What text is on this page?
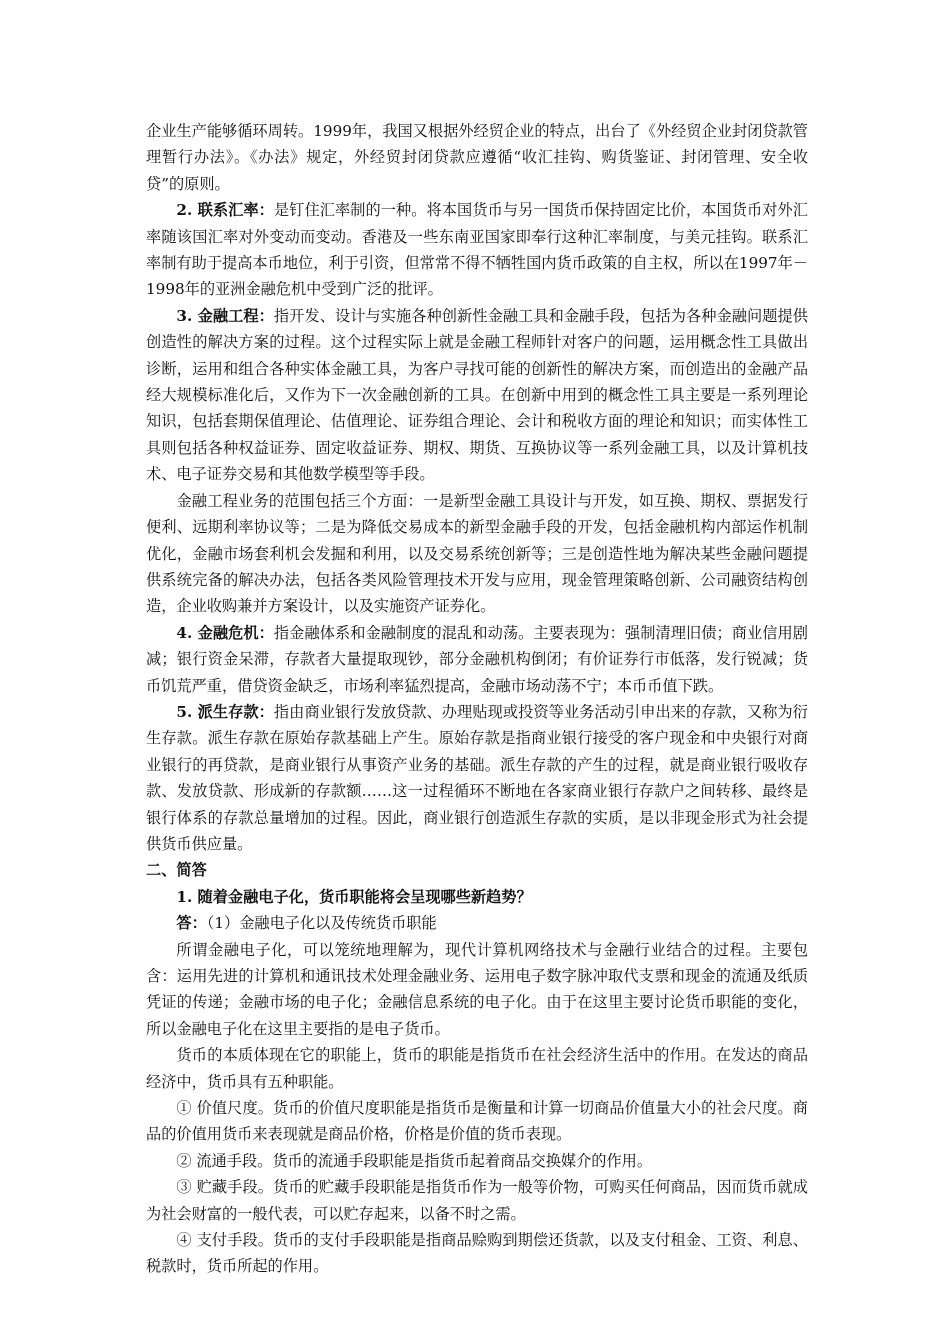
企业生产能够循环周转。1999年，我国又根据外经贸企业的特点，出台了《外经贸企业封闭贷款管理暂行办法》。《办法》规定，外经贸封闭贷款应遵循“收汇挂钩、购货鉴证、封闭管理、安全收贷”的原则。

2. 联系汇率：是钉住汇率制的一种。将本国货币与另一国货币保持固定比价，本国货币对外汇率随该国汇率对外变动而变动。香港及一些东南亚国家即奉行这种汇率制度，与美元挂钩。联系汇率制有助于提高本币地位，利于引资，但常常不得不牺牲国内货币政策的自主权，所以在1997年－1998年的亚洲金融危机中受到广泛的批评。

3. 金融工程：指开发、设计与实施各种创新性金融工具和金融手段，包括为各种金融问题提供创造性的解决方案的过程。这个过程实际上就是金融工程师针对客户的问题，运用概念性工具做出诊断，运用和组合各种实体金融工具，为客户寻找可能的创新性的解决方案，而创造出的金融产品经大规模标准化后，又作为下一次金融创新的工具。在创新中用到的概念性工具主要是一系列理论知识，包括套期保值理论、估值理论、证券组合理论、会计和税收方面的理论和知识；而实体性工具则包括各种权益证券、固定收益证券、期权、期货、互换协议等一系列金融工具，以及计算机技术、电子证券交易和其他数学模型等手段。

金融工程业务的范围包括三个方面：一是新型金融工具设计与开发，如互换、期权、票据发行便利、远期利率协议等；二是为降低交易成本的新型金融手段的开发，包括金融机构内部运作机制优化，金融市场套利机会发掘和利用，以及交易系统创新等；三是创造性地为解决某些金融问题提供系统完备的解决办法，包括各类风险管理技术开发与应用，现金管理策略创新、公司融资结构创造，企业收购兼并方案设计，以及实施资产证券化。

4. 金融危机：指金融体系和金融制度的混乱和动荡。主要表现为：强制清理旧债；商业信用剧减；银行资金呆滞，存款者大量提取现钞，部分金融机构倒闭；有价证券行市低落，发行锐减；货币饥荒严重，借贷资金缺乏，市场利率猛烈提高，金融市场动荡不宁；本币币值下跌。

5. 派生存款：指由商业银行发放贷款、办理贴现或投资等业务活动引申出来的存款，又称为衍生存款。派生存款在原始存款基础上产生。原始存款是指商业银行接受的客户现金和中央银行对商业银行的再贷款，是商业银行从事资产业务的基础。派生存款的产生的过程，就是商业银行吸收存款、发放贷款、形成新的存款额……这一过程循环不断地在各家商业银行存款户之间转移、最终是银行体系的存款总量增加的过程。因此，商业银行创造派生存款的实质，是以非现金形式为社会提供货币供应量。

二、简答

1. 随着金融电子化，货币职能将会呈现哪些新趋势？

答：（1）金融电子化以及传统货币职能

所谓金融电子化，可以笼统地理解为，现代计算机网络技术与金融行业结合的过程。主要包含：运用先进的计算机和通讯技术处理金融业务、运用电子数字脉冲取代支票和现金的流通及纸质凭证的传递；金融市场的电子化；金融信息系统的电子化。由于在这里主要讨论货币职能的变化，所以金融电子化在这里主要指的是电子货币。

货币的本质体现在它的职能上，货币的职能是指货币在社会经济生活中的作用。在发达的商品经济中，货币具有五种职能。

① 价值尺度。货币的价值尺度职能是指货币是衡量和计算一切商品价值量大小的社会尺度。商品的价值用货币来表现就是商品价格，价格是价值的货币表现。

② 流通手段。货币的流通手段职能是指货币起着商品交换媒介的作用。

③ 贮藏手段。货币的贮藏手段职能是指货币作为一般等价物，可购买任何商品，因而货币就成为社会财富的一般代表，可以贮存起来，以备不时之需。

④ 支付手段。货币的支付手段职能是指商品赊购到期偿还货款，以及支付租金、工资、利息、税款时，货币所起的作用。
